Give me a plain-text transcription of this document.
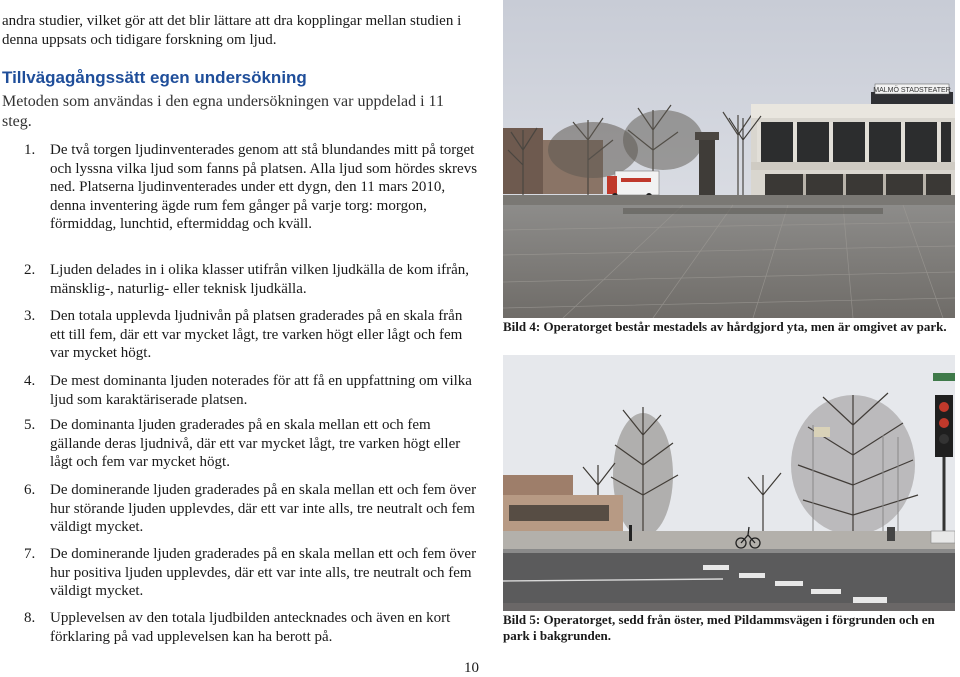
andra studier, vilket gör att det blir lättare att dra kopplingar mellan studien i denna uppsats och tidigare forskning om ljud.

Tillvägagångssätt egen undersökning

Metoden som användas i den egna undersökningen var uppdelad i 11 steg.

1. De två torgen ljudinventerades genom att stå blundandes mitt på torget och lyssna vilka ljud som fanns på platsen. Alla ljud som hördes skrevs ned. Platserna ljudinventerades under ett dygn, den 11 mars 2010, denna inventering ägde rum fem gånger på varje torg: morgon, förmiddag, lunchtid, eftermiddag och kväll.
2. Ljuden delades in i olika klasser utifrån vilken ljudkälla de kom ifrån, mänsklig-, naturlig- eller teknisk ljudkälla.
3. Den totala upplevda ljudnivån på platsen graderades på en skala från ett till fem, där ett var mycket lågt, tre varken högt eller lågt och fem var mycket högt.
4. De mest dominanta ljuden noterades för att få en uppfattning om vilka ljud som karaktäriserade platsen.
5. De dominanta ljuden graderades på en skala mellan ett och fem gällande deras ljudnivå, där ett var mycket lågt, tre varken högt eller lågt och fem var mycket högt.
6. De dominerande ljuden graderades på en skala mellan ett och fem över hur störande ljuden upplevdes, där ett var inte alls, tre neutralt och fem väldigt mycket.
7. De dominerande ljuden graderades på en skala mellan ett och fem över hur positiva ljuden upplevdes, där ett var inte alls, tre neutralt och fem väldigt mycket.
8. Upplevelsen av den totala ljudbilden antecknades och även en kort förklaring på vad upplevelsen kan ha berott på.
10
MALMÖ STADSTEATER
Bild 4: Operatorget består mestadels av hårdgjord yta, men är omgivet av park.
Bild 5: Operatorget, sedd från öster, med Pildammsvägen i förgrunden och en park i bakgrunden.
